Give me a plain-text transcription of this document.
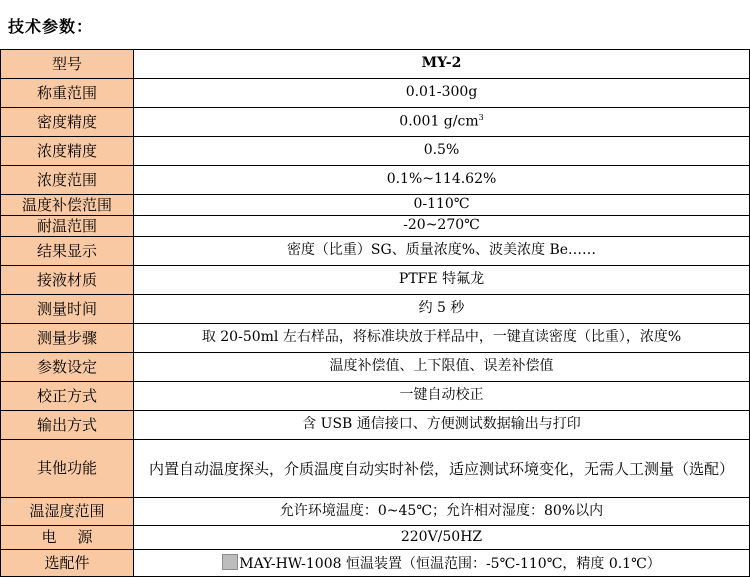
技术参数：
型号	MY-2
称重范围	0.01-300g
密度精度	0.001 $g/cm^3$
浓度精度	0.5%
浓度范围	0.1%~114.62%
温度补偿范围	0-110℃
耐温范围	-20~270℃
结果显示	密度（比重）SG、质量浓度%、波美浓度 Be……
接液材质	PTFE 特氟龙
测量时间	约 5 秒
测量步骤	取 20-50ml 左右样品，将标准块放于样品中，一键直读密度（比重），浓度%
参数设定	温度补偿值、上下限值、误差补偿值
校正方式	一键自动校正
输出方式	含 USB 通信接口、方便测试数据输出与打印
其他功能	内置自动温度探头，介质温度自动实时补偿，适应测试环境变化，无需人工测量（选配）
温湿度范围	允许环境温度：0~45℃；允许相对湿度：80%以内
电源	220V/50HZ
选配件	MAY-HW-1008 恒温装置（恒温范围：-5℃-110℃，精度 0.1℃）
